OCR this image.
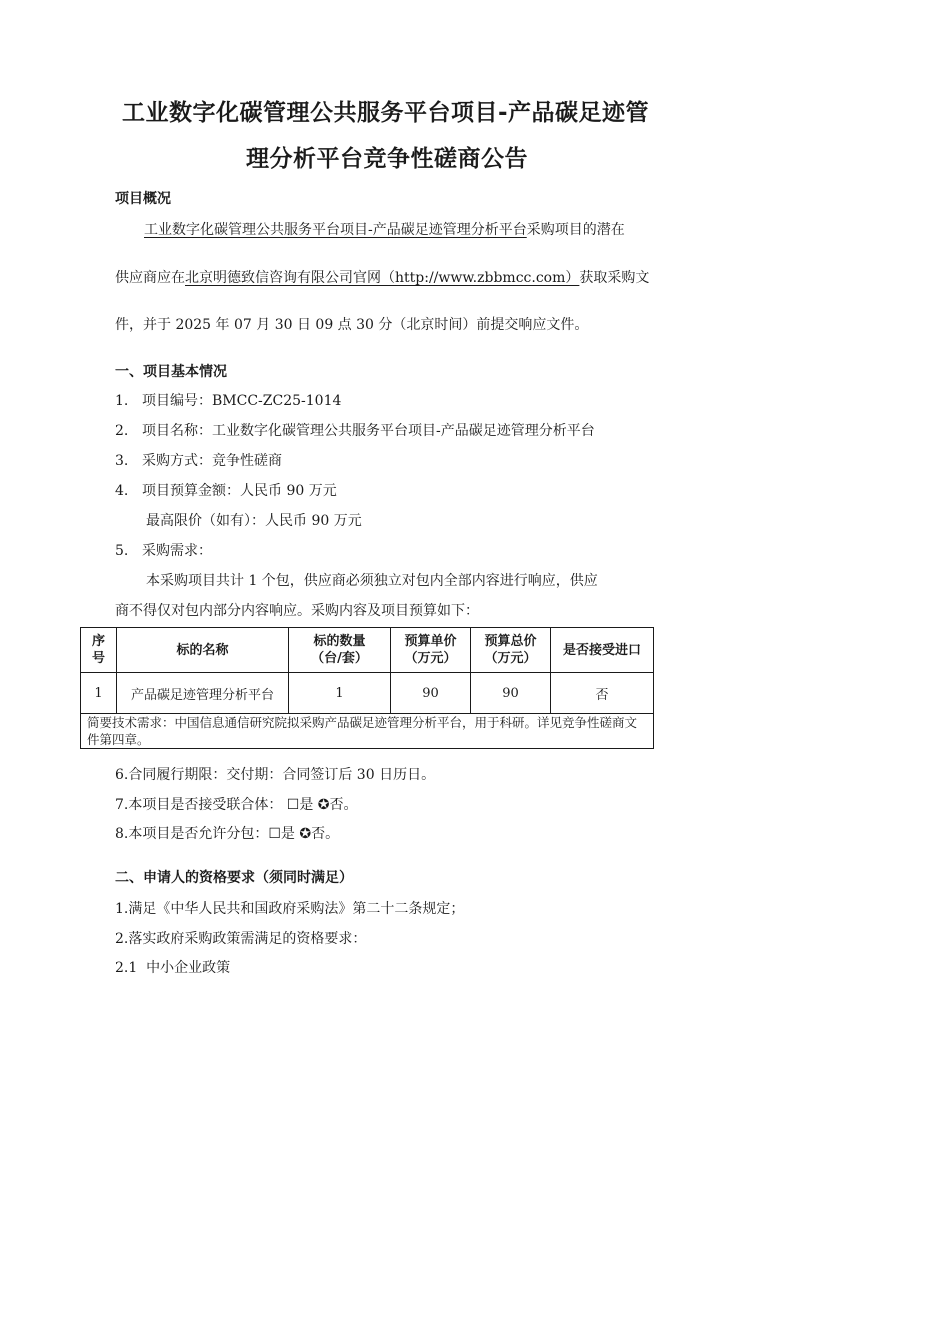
工业数字化碳管理公共服务平台项目-产品碳足迹管
理分析平台竞争性磋商公告
项目概况
工业数字化碳管理公共服务平台项目-产品碳足迹管理分析平台采购项目的潜在
供应商应在北京明德致信咨询有限公司官网（http://www.zbbmcc.com）获取采购文
件，并于 2025 年 07 月 30 日 09 点 30 分（北京时间）前提交响应文件。
一、项目基本情况
1. 项目编号：BMCC-ZC25-1014
2. 项目名称：工业数字化碳管理公共服务平台项目-产品碳足迹管理分析平台
3. 采购方式：竞争性磋商
4. 项目预算金额：人民币 90 万元
最高限价（如有）：人民币 90 万元
5. 采购需求：
本采购项目共计 1 个包，供应商必须独立对包内全部内容进行响应，供应
商不得仅对包内部分内容响应。采购内容及项目预算如下：
序号	标的名称	标的数量（台/套）	预算单价（万元）	预算总价（万元）	是否接受进口
1	产品碳足迹管理分析平台	1	90	90	否
简要技术需求：中国信息通信研究院拟采购产品碳足迹管理分析平台，用于科研。详见竞争性磋商文件第四章。					
6.合同履行期限：交付期：合同签订后 30 日历日。
7.本项目是否接受联合体： ☐是 ✪否。
8.本项目是否允许分包：☐是 ✪否。
二、申请人的资格要求（须同时满足）
1.满足《中华人民共和国政府采购法》第二十二条规定；
2.落实政府采购政策需满足的资格要求：
2.1  中小企业政策
